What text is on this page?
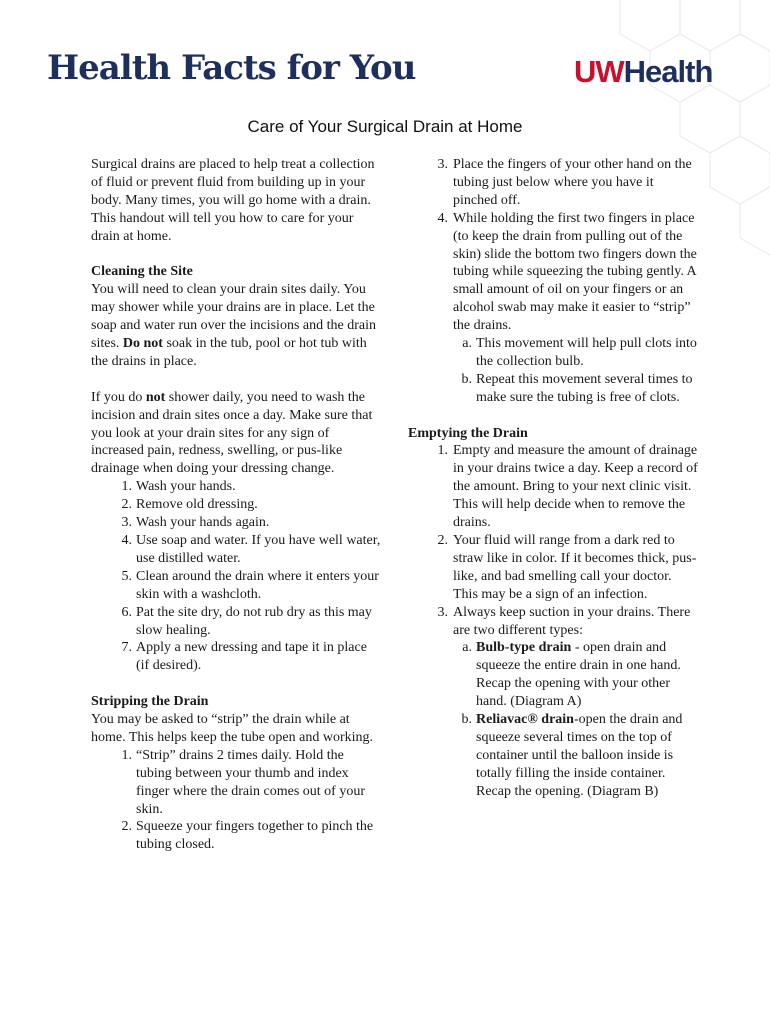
Health Facts for You	UWHealth
Care of Your Surgical Drain at Home

Surgical drains are placed to help treat a collection of fluid or prevent fluid from building up in your body. Many times, you will go home with a drain. This handout will tell you how to care for your drain at home.

Cleaning the Site

You will need to clean your drain sites daily. You may shower while your drains are in place. Let the soap and water run over the incisions and the drain sites. Do not soak in the tub, pool or hot tub with the drains in place.

If you do not shower daily, you need to wash the incision and drain sites once a day. Make sure that you look at your drain sites for any sign of increased pain, redness, swelling, or pus-like drainage when doing your dressing change.
1. Wash your hands.
2. Remove old dressing.
3. Wash your hands again.
4. Use soap and water. If you have well water, use distilled water.
5. Clean around the drain where it enters your skin with a washcloth.
6. Pat the site dry, do not rub dry as this may slow healing.
7. Apply a new dressing and tape it in place (if desired).
Stripping the Drain
You may be asked to “strip” the drain while at home. This helps keep the tube open and working.
1. “Strip” drains 2 times daily. Hold the tubing between your thumb and index finger where the drain comes out of your skin.
2. Squeeze your fingers together to pinch the tubing closed.
3. Place the fingers of your other hand on the tubing just below where you have it pinched off.
4. While holding the first two fingers in place (to keep the drain from pulling out of the skin) slide the bottom two fingers down the tubing while squeezing the tubing gently. A small amount of oil on your fingers or an alcohol swab may make it easier to “strip” the drains.
a. This movement will help pull clots into the collection bulb.
b. Repeat this movement several times to make sure the tubing is free of clots.
Emptying the Drain
1. Empty and measure the amount of drainage in your drains twice a day. Keep a record of the amount. Bring to your next clinic visit. This will help decide when to remove the drains.
2. Your fluid will range from a dark red to straw like in color. If it becomes thick, pus-like, and bad smelling call your doctor. This may be a sign of an infection.
3. Always keep suction in your drains. There are two different types:
a. Bulb-type drain - open drain and squeeze the entire drain in one hand. Recap the opening with your other hand. (Diagram A)
b. Reliavac® drain-open the drain and squeeze several times on the top of container until the balloon inside is totally filling the inside container. Recap the opening. (Diagram B)
